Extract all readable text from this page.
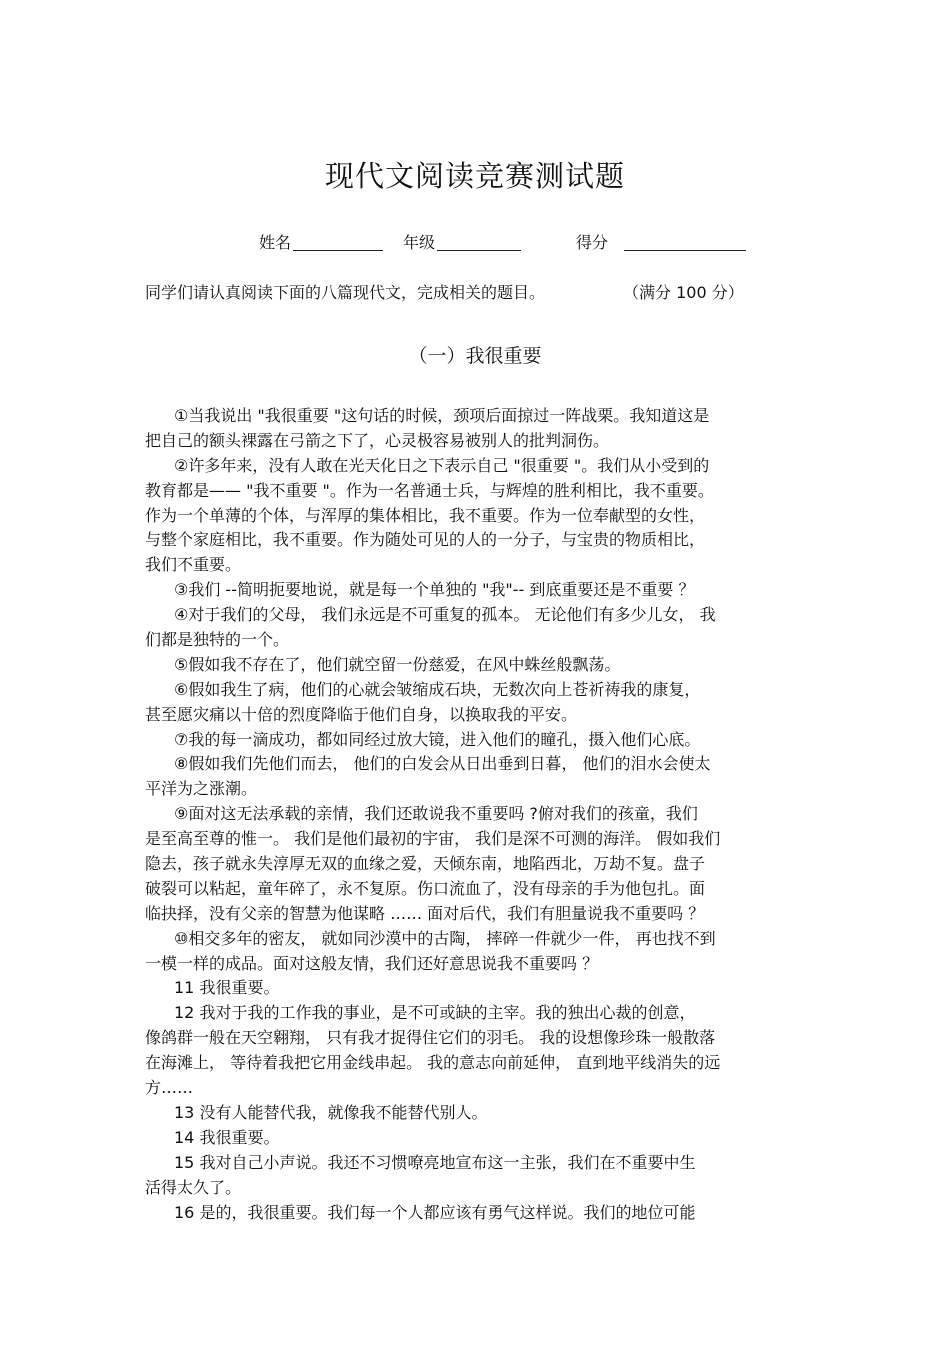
现代文阅读竞赛测试题
姓名	年级	得分
同学们请认真阅读下面的八篇现代文，完成相关的题目。	（满分 100 分）
（一）我很重要
①当我说出 "我很重要 "这句话的时候，颈项后面掠过一阵战栗。我知道这是
把自己的额头裸露在弓箭之下了，心灵极容易被别人的批判洞伤。
②许多年来，没有人敢在光天化日之下表示自己 "很重要 "。我们从小受到的
教育都是—— "我不重要 "。作为一名普通士兵，与辉煌的胜利相比，我不重要。
作为一个单薄的个体，与浑厚的集体相比，我不重要。作为一位奉献型的女性，
与整个家庭相比，我不重要。作为随处可见的人的一分子，与宝贵的物质相比，
我们不重要。
③我们 --简明扼要地说，就是每一个单独的 "我"-- 到底重要还是不重要 ？
④对于我们的父母， 我们永远是不可重复的孤本。 无论他们有多少儿女， 我
们都是独特的一个。
⑤假如我不存在了，他们就空留一份慈爱，在风中蛛丝般飘荡。
⑥假如我生了病，他们的心就会皱缩成石块，无数次向上苍祈祷我的康复，
甚至愿灾痛以十倍的烈度降临于他们自身，以换取我的平安。
⑦我的每一滴成功，都如同经过放大镜，进入他们的瞳孔，摄入他们心底。
⑧假如我们先他们而去， 他们的白发会从日出垂到日暮， 他们的泪水会使太
平洋为之涨潮。
⑨面对这无法承载的亲情，我们还敢说我不重要吗 ?俯对我们的孩童，我们
是至高至尊的惟一。 我们是他们最初的宇宙， 我们是深不可测的海洋。 假如我们
隐去，孩子就永失淳厚无双的血缘之爱，天倾东南，地陷西北，万劫不复。盘子
破裂可以粘起，童年碎了，永不复原。伤口流血了，没有母亲的手为他包扎。面
临抉择，没有父亲的智慧为他谋略 …… 面对后代，我们有胆量说我不重要吗 ？
⑩相交多年的密友， 就如同沙漠中的古陶， 摔碎一件就少一件， 再也找不到
一模一样的成品。面对这般友情，我们还好意思说我不重要吗 ？
11 我很重要。
12 我对于我的工作我的事业，是不可或缺的主宰。我的独出心裁的创意，
像鸽群一般在天空翱翔， 只有我才捉得住它们的羽毛。 我的设想像珍珠一般散落
在海滩上， 等待着我把它用金线串起。 我的意志向前延伸， 直到地平线消失的远
方……
13 没有人能替代我，就像我不能替代别人。
14 我很重要。
15 我对自己小声说。我还不习惯嘹亮地宣布这一主张，我们在不重要中生
活得太久了。
16 是的，我很重要。我们每一个人都应该有勇气这样说。我们的地位可能
